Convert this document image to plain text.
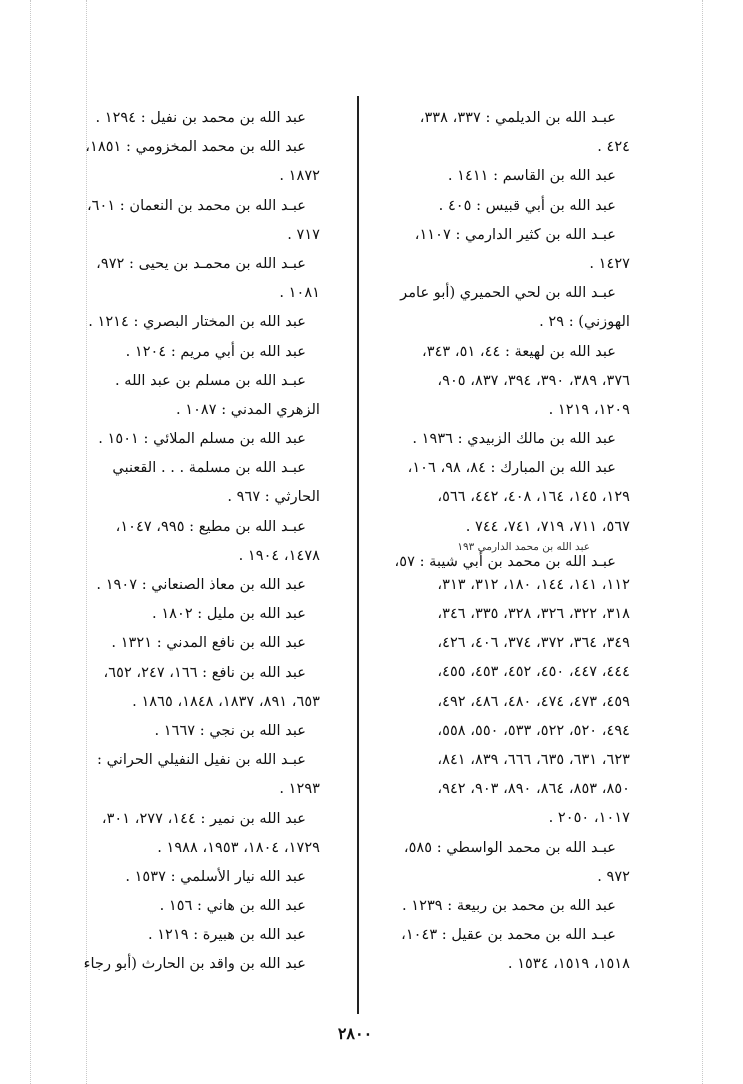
عبـد الله بن الديلمي : ٣٣٧، ٣٣٨،
٤٢٤ .
عبد الله بن القاسم : ١٤١١ .
عبد الله بن أبي قبيس : ٤٠٥ .
عبـد الله بن كثير الدارمي : ١١٠٧،
١٤٢٧ .
عبـد الله بن لحي الحميري (أبو عامر
الهوزني) : ٢٩ .
عبد الله بن لهيعة : ٤٤، ٥١، ٣٤٣،
٣٧٦، ٣٨٩، ٣٩٠، ٣٩٤، ٨٣٧، ٩٠٥،
١٢٠٩، ١٢١٩ .
عبد الله بن مالك الزبيدي : ١٩٣٦ .
عبد الله بن المبارك : ٨٤، ٩٨، ١٠٦،
١٢٩، ١٤٥، ١٦٤، ٤٠٨، ٤٤٢، ٥٦٦،
٥٦٧، ٧١١، ٧١٩، ٧٤١، ٧٤٤ .
عبد الله بن محمد الدارمي ١٩٣
عبـد الله بن محمد بن أبي شيبة : ٥٧،
١١٢، ١٤١، ١٤٤، ١٨٠، ٣١٢، ٣١٣،
٣١٨، ٣٢٢، ٣٢٦، ٣٢٨، ٣٣٥، ٣٤٦،
٣٤٩، ٣٦٤، ٣٧٢، ٣٧٤، ٤٠٦، ٤٢٦،
٤٤٤، ٤٤٧، ٤٥٠، ٤٥٢، ٤٥٣، ٤٥٥،
٤٥٩، ٤٧٣، ٤٧٤، ٤٨٠، ٤٨٦، ٤٩٢،
٤٩٤، ٥٢٠، ٥٢٢، ٥٣٣، ٥٥٠، ٥٥٨،
٦٢٣، ٦٣١، ٦٣٥، ٦٦٦، ٨٣٩، ٨٤١،
٨٥٠، ٨٥٣، ٨٦٤، ٨٩٠، ٩٠٣، ٩٤٢،
١٠١٧، ٢٠٥٠ .
عبـد الله بن محمد الواسطي : ٥٨٥،
٩٧٢ .
عبد الله بن محمد بن ربيعة : ١٢٣٩ .
عبـد الله بن محمد بن عقيل : ١٠٤٣،
١٥١٨، ١٥١٩، ١٥٣٤ .
عبد الله بن محمد بن نفيل : ١٢٩٤ .
عبد الله بن محمد المخزومي : ١٨٥١،
١٨٧٢ .
عبـد الله بن محمد بن النعمان : ٦٠١،
٧١٧ .
عبـد الله بن محمـد بن يحيى : ٩٧٢،
١٠٨١ .
عبد الله بن المختار البصري : ١٢١٤ .
عبد الله بن أبي مريم : ١٢٠٤ .
عبـد الله بن مسلم بن عبد الله .
الزهري المدني : ١٠٨٧ .
عبد الله بن مسلم الملائي : ١٥٠١ .
عبـد الله بن مسلمة . . . القعنبي
الحارثي : ٩٦٧ .
عبـد الله بن مطيع : ٩٩٥، ١٠٤٧،
١٤٧٨، ١٩٠٤ .
عبد الله بن معاذ الصنعاني : ١٩٠٧ .
عبد الله بن مليل : ١٨٠٢ .
عبد الله بن نافع المدني : ١٣٢١ .
عبد الله بن نافع : ١٦٦، ٢٤٧، ٦٥٢،
٦٥٣، ٨٩١، ١٨٣٧، ١٨٤٨، ١٨٦٥ .
عبد الله بن نجي : ١٦٦٧ .
عبـد الله بن نفيل النفيلي الحراني :
١٢٩٣ .
عبد الله بن نمير : ١٤٤، ٢٧٧، ٣٠١،
١٧٢٩، ١٨٠٤، ١٩٥٣، ١٩٨٨ .
عبد الله نيار الأسلمي : ١٥٣٧ .
عبد الله بن هاني : ١٥٦ .
عبد الله بن هبيرة : ١٢١٩ .
عبد الله بن واقد بن الحارث (أبو رجاء
٢٨٠٠
